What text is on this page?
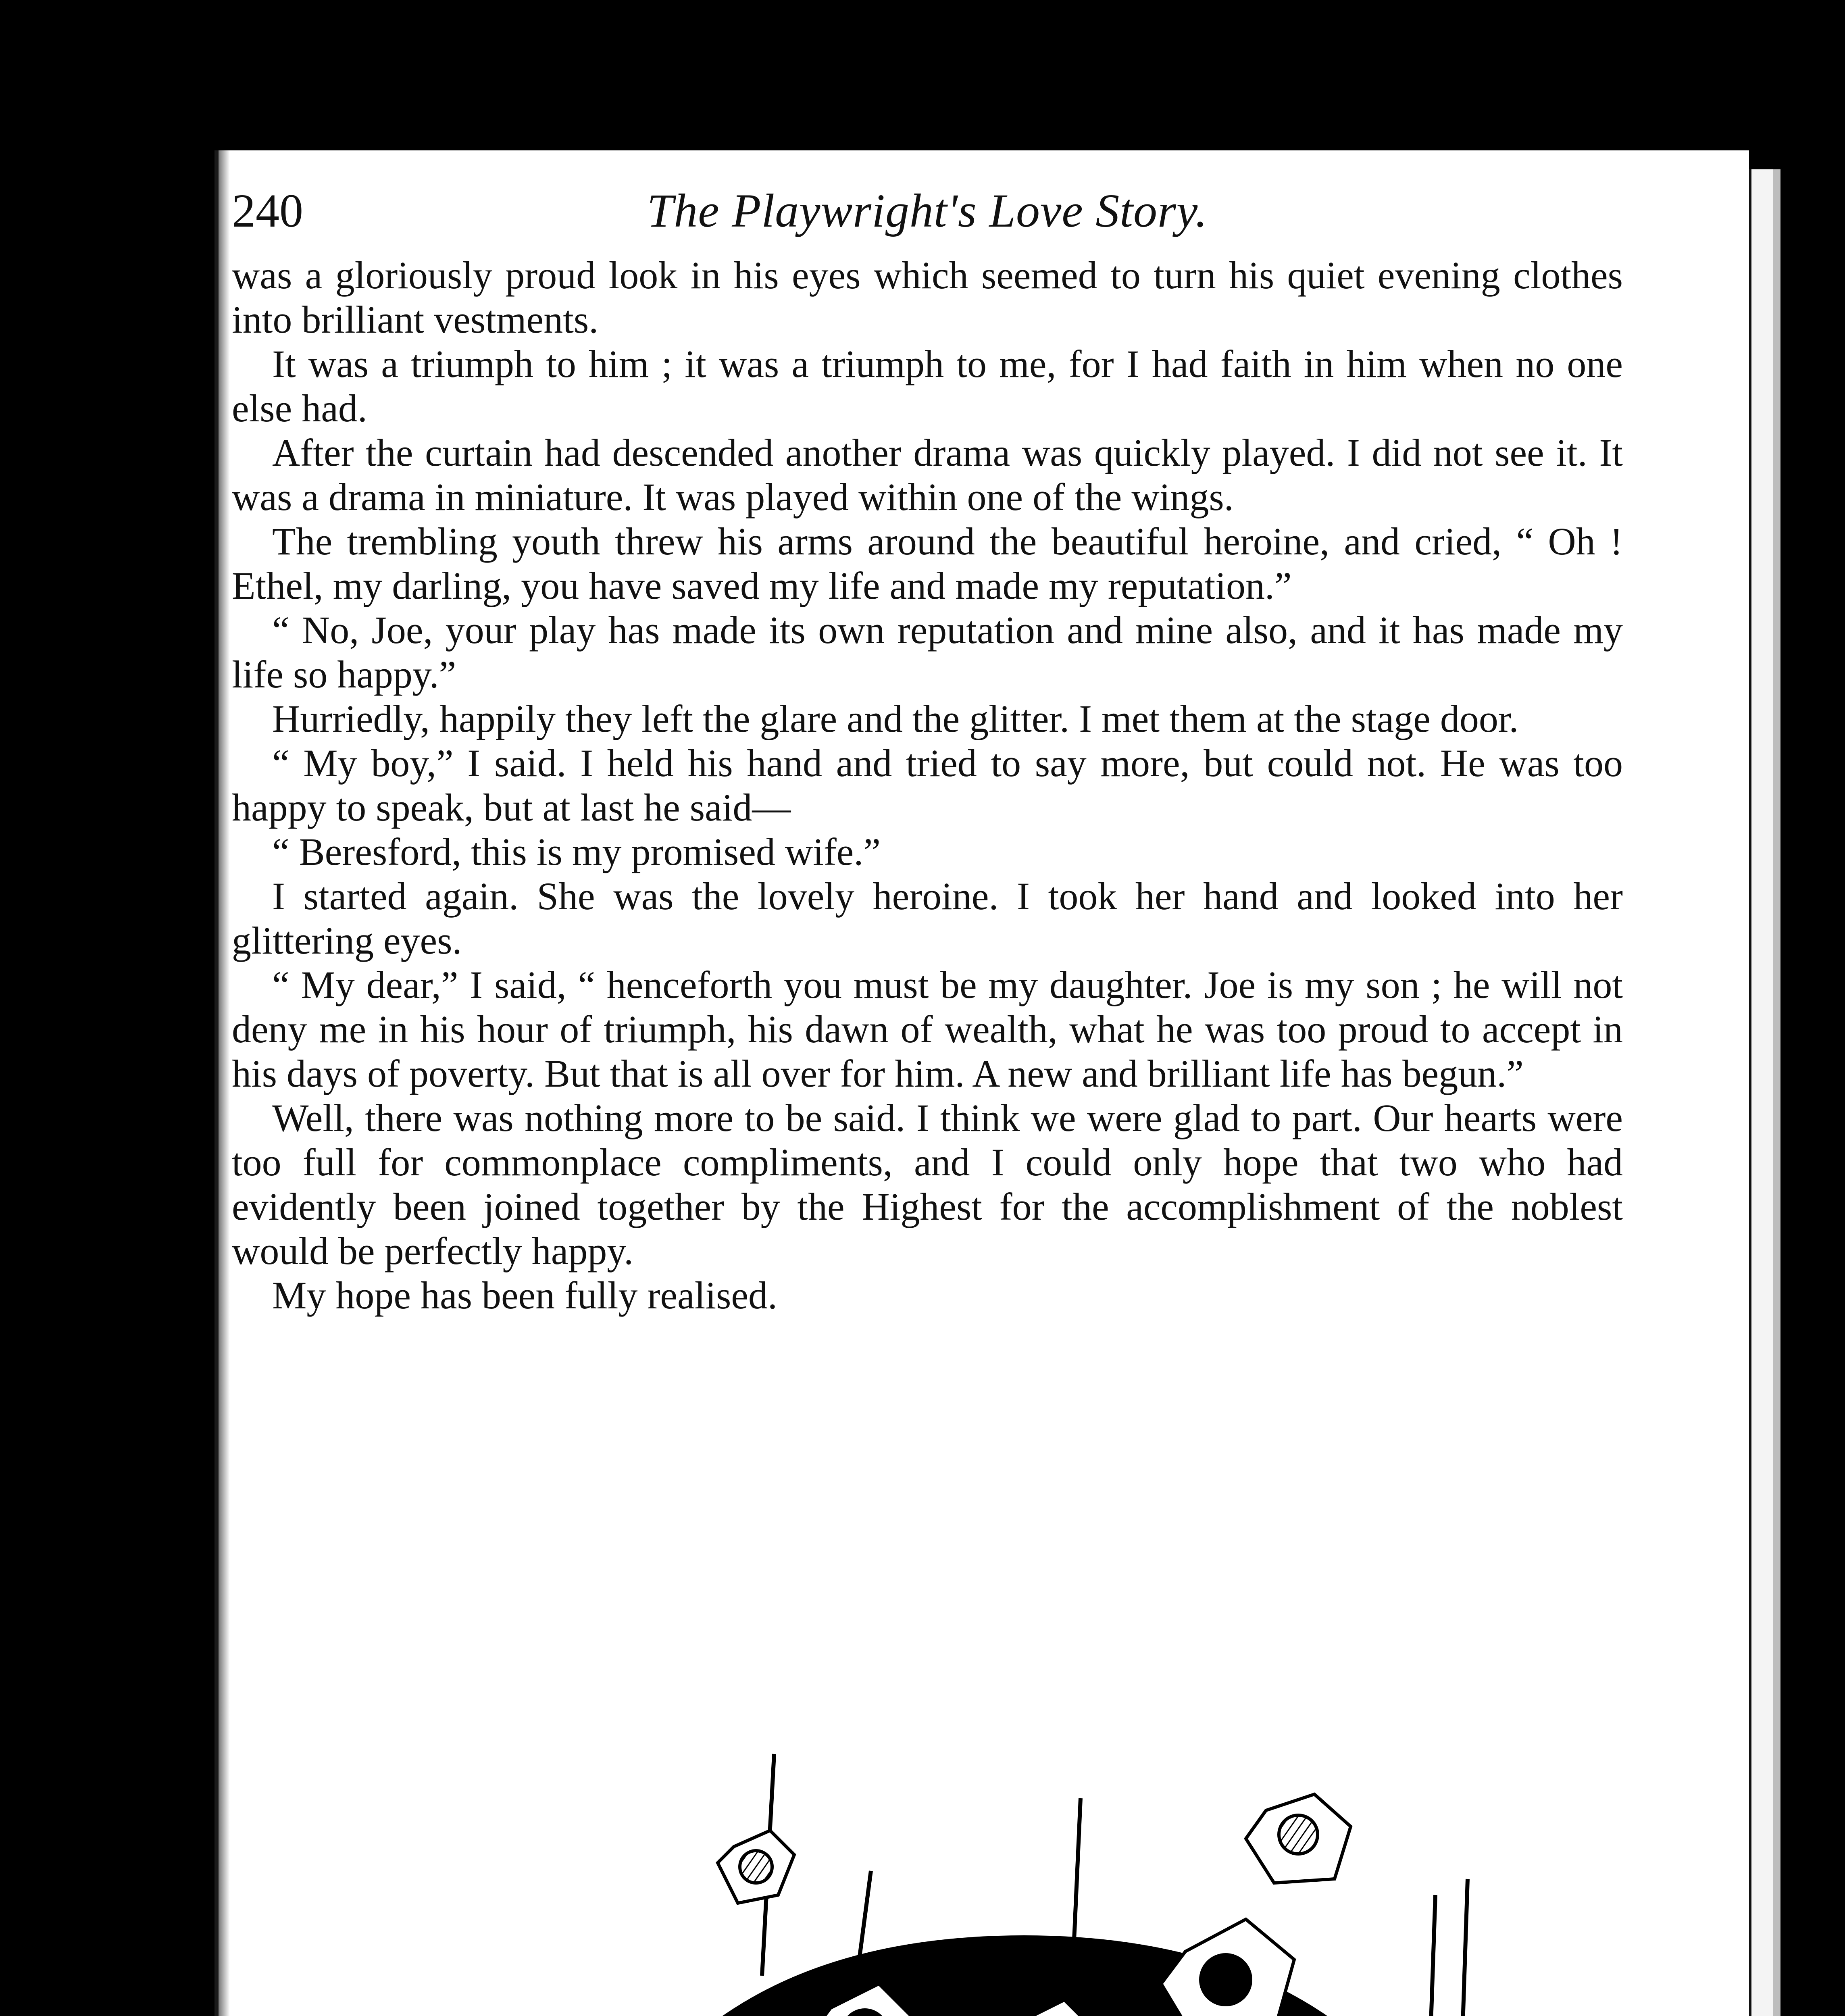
240	The Playwright's Love Story.

was a gloriously proud look in his eyes which seemed to turn his quiet evening clothes into brilliant vestments.

It was a triumph to him ; it was a triumph to me, for I had faith in him when no one else had.

After the curtain had descended another drama was quickly played. I did not see it. It was a drama in miniature. It was played within one of the wings.

The trembling youth threw his arms around the beautiful heroine, and cried, “ Oh ! Ethel, my darling, you have saved my life and made my reputation.”

“ No, Joe, your play has made its own reputation and mine also, and it has made my life so happy.”

Hurriedly, happily they left the glare and the glitter. I met them at the stage door.

“ My boy,” I said. I held his hand and tried to say more, but could not. He was too happy to speak, but at last he said—

“ Beresford, this is my promised wife.”

I started again. She was the lovely heroine. I took her hand and looked into her glittering eyes.

“ My dear,” I said, “ henceforth you must be my daughter. Joe is my son ; he will not deny me in his hour of triumph, his dawn of wealth, what he was too proud to accept in his days of poverty. But that is all over for him. A new and brilliant life has begun.”

Well, there was nothing more to be said. I think we were glad to part. Our hearts were too full for commonplace compliments, and I could only hope that two who had evidently been joined together by the Highest for the accomplishment of the noblest would be perfectly happy.

My hope has been fully realised.
